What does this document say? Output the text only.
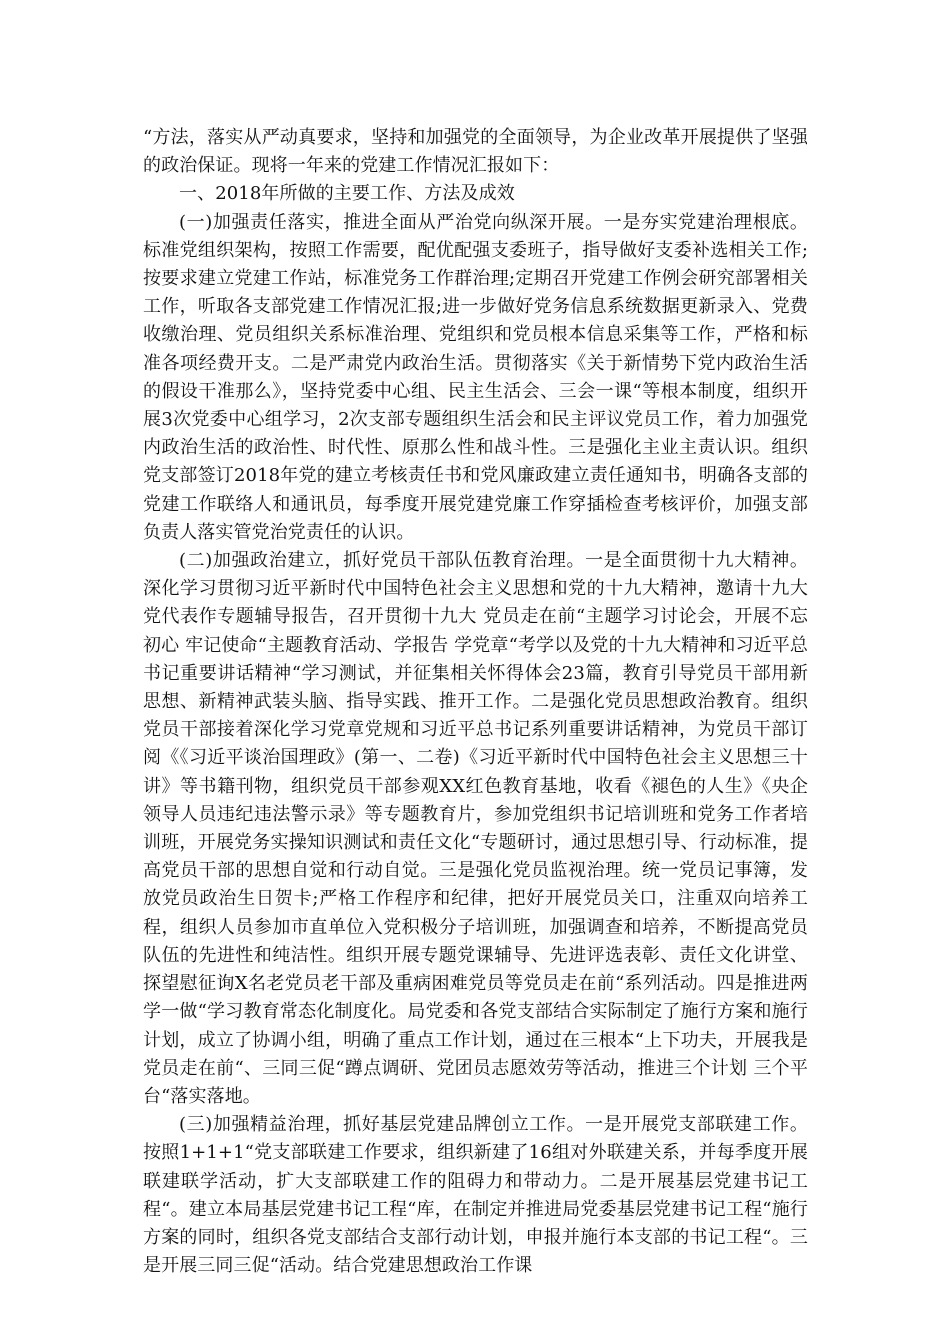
“方法，落实从严动真要求，坚持和加强党的全面领导，为企业改革开展提供了坚强的政治保证。现将一年来的党建工作情况汇报如下：

一、2018年所做的主要工作、方法及成效

(一)加强责任落实，推进全面从严治党向纵深开展。一是夯实党建治理根底。标准党组织架构，按照工作需要，配优配强支委班子，指导做好支委补选相关工作;按要求建立党建工作站，标准党务工作群治理;定期召开党建工作例会研究部署相关工作，听取各支部党建工作情况汇报;进一步做好党务信息系统数据更新录入、党费收缴治理、党员组织关系标准治理、党组织和党员根本信息采集等工作，严格和标准各项经费开支。二是严肃党内政治生活。贯彻落实《关于新情势下党内政治生活的假设干准那么》，坚持党委中心组、民主生活会、三会一课“等根本制度，组织开展3次党委中心组学习，2次支部专题组织生活会和民主评议党员工作，着力加强党内政治生活的政治性、时代性、原那么性和战斗性。三是强化主业主责认识。组织党支部签订2018年党的建立考核责任书和党风廉政建立责任通知书，明确各支部的党建工作联络人和通讯员，每季度开展党建党廉工作穿插检查考核评价，加强支部负责人落实管党治党责任的认识。

(二)加强政治建立，抓好党员干部队伍教育治理。一是全面贯彻十九大精神。深化学习贯彻习近平新时代中国特色社会主义思想和党的十九大精神，邀请十九大党代表作专题辅导报告，召开贯彻十九大 党员走在前“主题学习讨论会，开展不忘初心 牢记使命“主题教育活动、学报告 学党章“考学以及党的十九大精神和习近平总书记重要讲话精神“学习测试，并征集相关怀得体会23篇，教育引导党员干部用新思想、新精神武装头脑、指导实践、推开工作。二是强化党员思想政治教育。组织党员干部接着深化学习党章党规和习近平总书记系列重要讲话精神，为党员干部订阅《《习近平谈治国理政》(第一、二卷)《习近平新时代中国特色社会主义思想三十讲》等书籍刊物，组织党员干部参观XX红色教育基地，收看《褪色的人生》《央企领导人员违纪违法警示录》等专题教育片，参加党组织书记培训班和党务工作者培训班，开展党务实操知识测试和责任文化“专题研讨，通过思想引导、行动标准，提高党员干部的思想自觉和行动自觉。三是强化党员监视治理。统一党员记事簿，发放党员政治生日贺卡;严格工作程序和纪律，把好开展党员关口，注重双向培养工程，组织人员参加市直单位入党积极分子培训班，加强调查和培养，不断提高党员队伍的先进性和纯洁性。组织开展专题党课辅导、先进评选表彰、责任文化讲堂、探望慰征询X名老党员老干部及重病困难党员等党员走在前“系列活动。四是推进两学一做“学习教育常态化制度化。局党委和各党支部结合实际制定了施行方案和施行计划，成立了协调小组，明确了重点工作计划，通过在三根本“上下功夫，开展我是党员走在前“、三同三促“蹲点调研、党团员志愿效劳等活动，推进三个计划 三个平台“落实落地。

(三)加强精益治理，抓好基层党建品牌创立工作。一是开展党支部联建工作。按照1+1+1“党支部联建工作要求，组织新建了16组对外联建关系，并每季度开展联建联学活动，扩大支部联建工作的阻碍力和带动力。二是开展基层党建书记工程“。建立本局基层党建书记工程“库，在制定并推进局党委基层党建书记工程“施行方案的同时，组织各党支部结合支部行动计划，申报并施行本支部的书记工程“。三是开展三同三促“活动。结合党建思想政治工作课
